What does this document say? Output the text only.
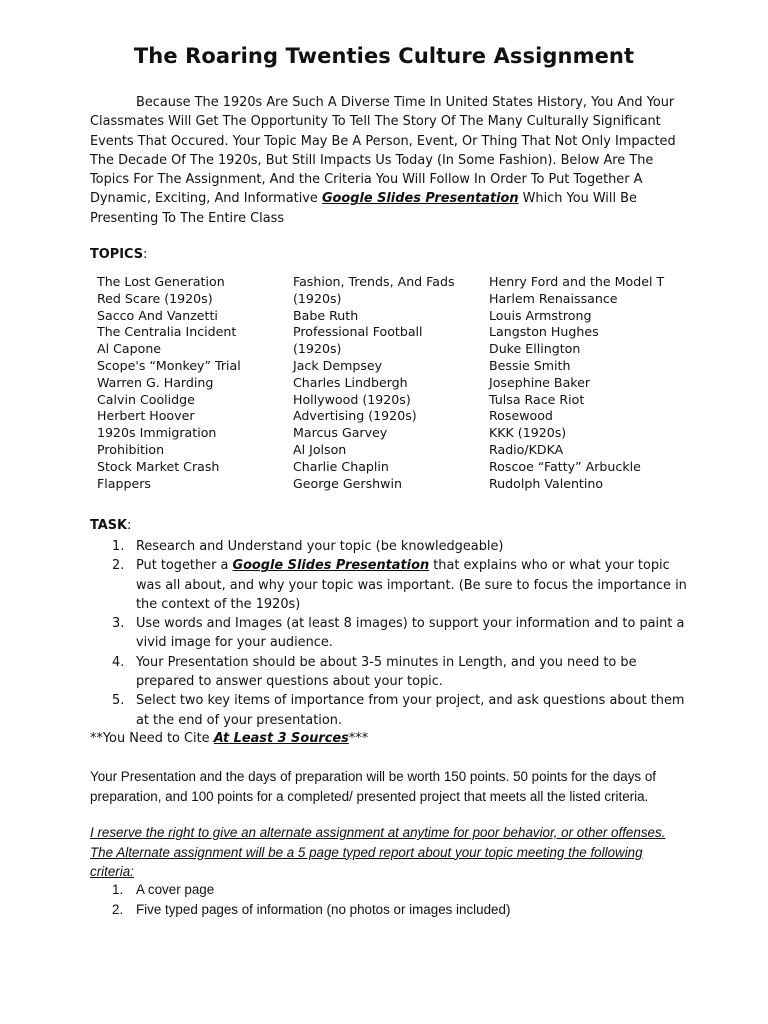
The Roaring Twenties Culture Assignment

Because The 1920s Are Such A Diverse Time In United States History, You And Your Classmates Will Get The Opportunity To Tell The Story Of The Many Culturally Significant Events That Occured. Your Topic May Be A Person, Event, Or Thing That Not Only Impacted The Decade Of The 1920s, But Still Impacts Us Today (In Some Fashion). Below Are The Topics For The Assignment, And the Criteria You Will Follow In Order To Put Together A Dynamic, Exciting, And Informative Google Slides Presentation Which You Will Be Presenting To The Entire Class

TOPICS:

The Lost Generation
Red Scare (1920s)
Sacco And Vanzetti
The Centralia Incident
Al Capone
Scope's “Monkey” Trial
Warren G. Harding
Calvin Coolidge
Herbert Hoover
1920s Immigration
Prohibition
Stock Market Crash
Flappers
Fashion, Trends, And Fads
(1920s)
Babe Ruth
Professional Football
(1920s)
Jack Dempsey
Charles Lindbergh
Hollywood (1920s)
Advertising (1920s)
Marcus Garvey
Al Jolson
Charlie Chaplin
George Gershwin
Henry Ford and the Model T
Harlem Renaissance
Louis Armstrong
Langston Hughes
Duke Ellington
Bessie Smith
Josephine Baker
Tulsa Race Riot
Rosewood
KKK (1920s)
Radio/KDKA
Roscoe “Fatty” Arbuckle
Rudolph Valentino

TASK:

1. Research and Understand your topic (be knowledgeable)
2. Put together a Google Slides Presentation that explains who or what your topic was all about, and why your topic was important. (Be sure to focus the importance in the context of the 1920s)
3. Use words and Images (at least 8 images) to support your information and to paint a vivid image for your audience.
4. Your Presentation should be about 3-5 minutes in Length, and you need to be prepared to answer questions about your topic.
5. Select two key items of importance from your project, and ask questions about them at the end of your presentation.

**You Need to Cite At Least 3 Sources***

Your Presentation and the days of preparation will be worth 150 points. 50 points for the days of preparation, and 100 points for a completed/ presented project that meets all the listed criteria.

I reserve the right to give an alternate assignment at anytime for poor behavior, or other offenses. The Alternate assignment will be a 5 page typed report about your topic meeting the following criteria:

1. A cover page
2. Five typed pages of information (no photos or images included)
